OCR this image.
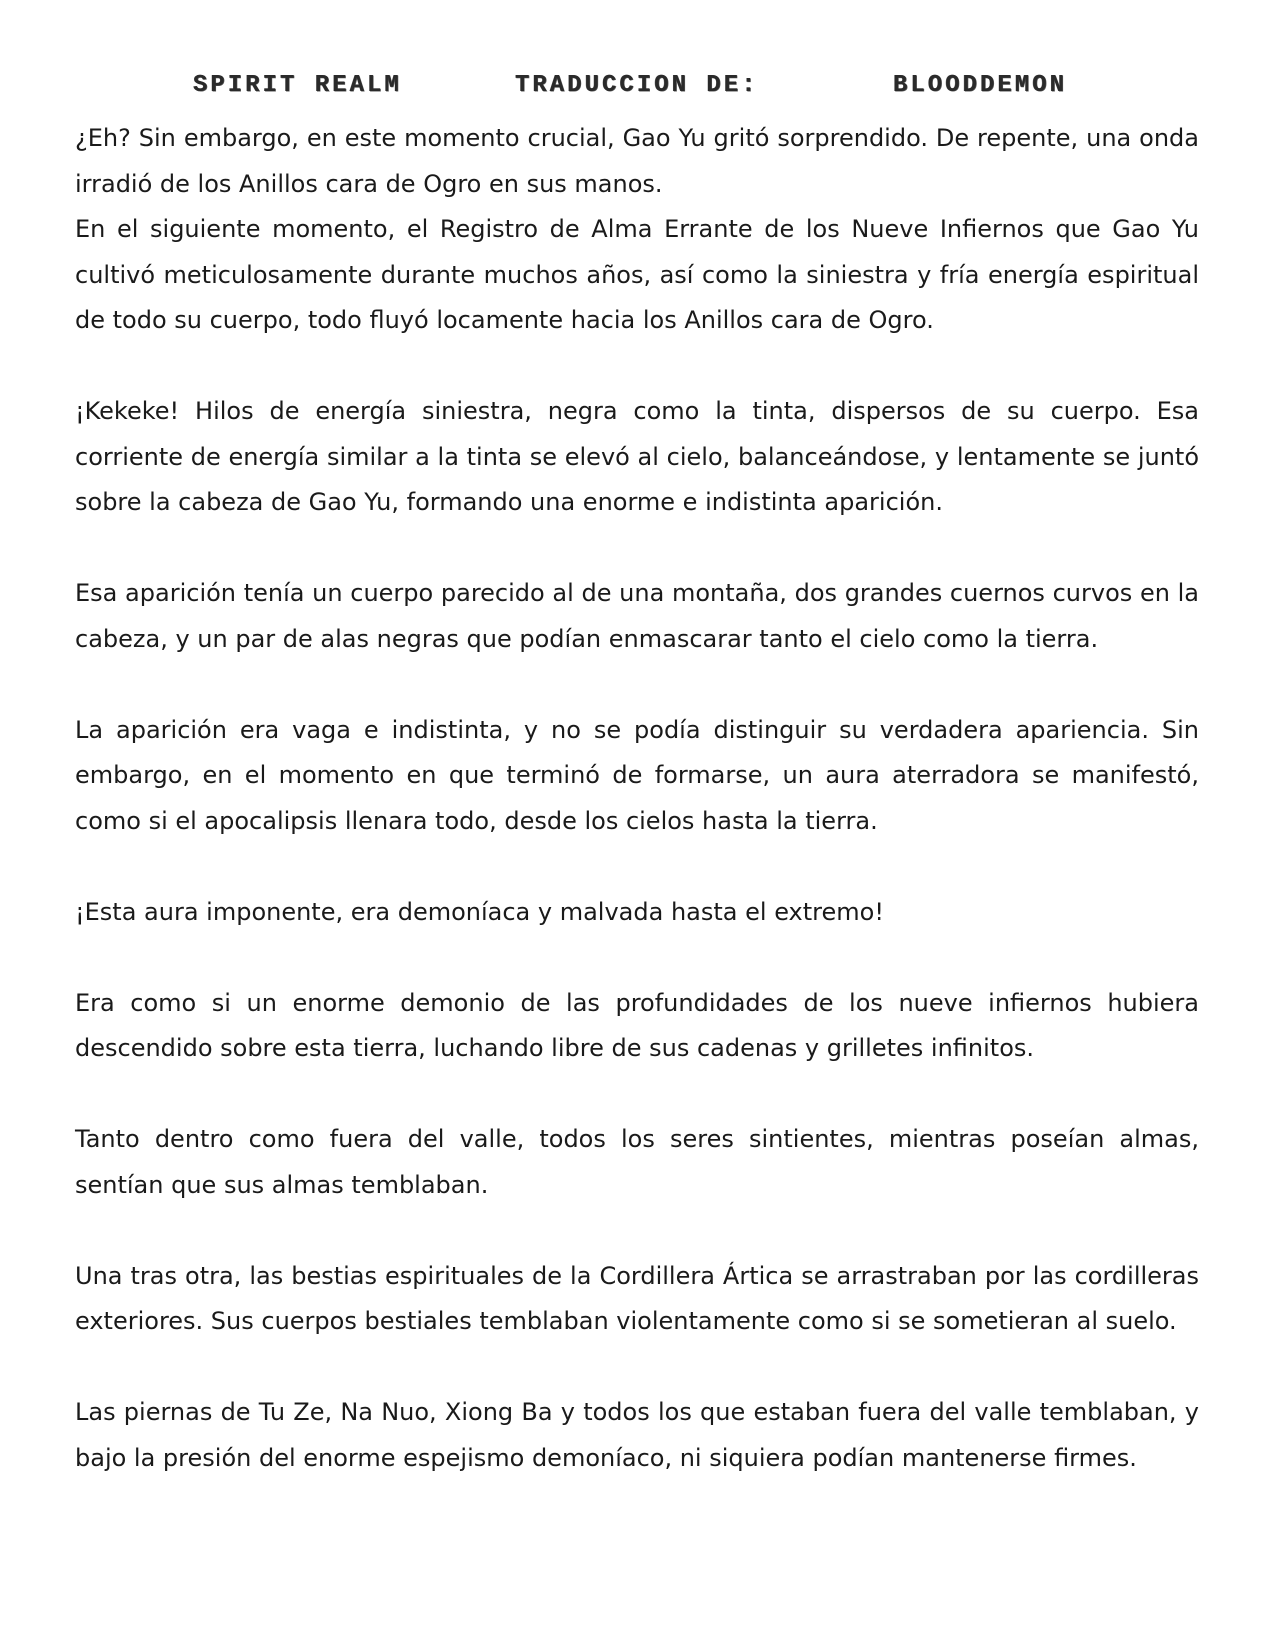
SPIRIT REALM	TRADUCCION DE:	BLOODDEMON

¿Eh? Sin embargo, en este momento crucial, Gao Yu gritó sorprendido. De repente, una onda irradió de los Anillos cara de Ogro en sus manos.

En el siguiente momento, el Registro de Alma Errante de los Nueve Infiernos que Gao Yu cultivó meticulosamente durante muchos años, así como la siniestra y fría energía espiritual de todo su cuerpo, todo fluyó locamente hacia los Anillos cara de Ogro.

¡Kekeke! Hilos de energía siniestra, negra como la tinta, dispersos de su cuerpo. Esa corriente de energía similar a la tinta se elevó al cielo, balanceándose, y lentamente se juntó sobre la cabeza de Gao Yu, formando una enorme e indistinta aparición.

Esa aparición tenía un cuerpo parecido al de una montaña, dos grandes cuernos curvos en la cabeza, y un par de alas negras que podían enmascarar tanto el cielo como la tierra.

La aparición era vaga e indistinta, y no se podía distinguir su verdadera apariencia. Sin embargo, en el momento en que terminó de formarse, un aura aterradora se manifestó, como si el apocalipsis llenara todo, desde los cielos hasta la tierra.

¡Esta aura imponente, era demoníaca y malvada hasta el extremo!

Era como si un enorme demonio de las profundidades de los nueve infiernos hubiera descendido sobre esta tierra, luchando libre de sus cadenas y grilletes infinitos.

Tanto dentro como fuera del valle, todos los seres sintientes, mientras poseían almas, sentían que sus almas temblaban.

Una tras otra, las bestias espirituales de la Cordillera Ártica se arrastraban por las cordilleras exteriores. Sus cuerpos bestiales temblaban violentamente como si se sometieran al suelo.

Las piernas de Tu Ze, Na Nuo, Xiong Ba y todos los que estaban fuera del valle temblaban, y bajo la presión del enorme espejismo demoníaco, ni siquiera podían mantenerse firmes.
